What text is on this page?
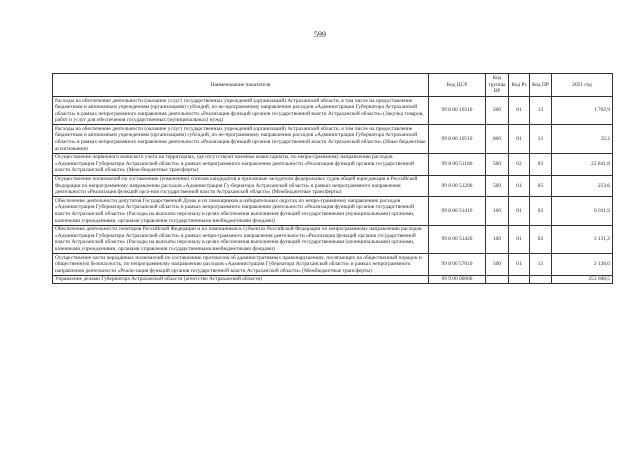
599
Наименование показателя	Код ЦСР	Код группы ВР	Код Рз	Код ПР	2021 год
Расходы на обеспечение деятельности (оказание услуг) государственных учреждений (организаций) Астраханской области, в том числе на предоставление бюджетным и автономным учреждениям (организациям) субсидий, по не-программному направлению расходов «Администрация Губернатора Астраханской области» в рамках непрограммного направления деятельности «Реализация функций органов государственной власти Астраханской области» (Закупка товаров, работ и услуг для обеспечения государственных (муниципальных) нужд)	99 8 00 10510	200	01	13	1 702,9
Расходы на обеспечение деятельности (оказание услуг) государственных учреждений (организаций) Астраханской области, в том числе на предоставление бюджетным и автономным учреждениям (организациям) субсидий, по не-программному направлению расходов «Администрация Губернатора Астраханской области» в рамках непрограммного направления деятельности «Реализация функций органов государственной власти Астраханской области» (Иные бюджетные ассигнования)	99 8 00 10510	800	01	13	32,2
Осуществление первичного воинского учета на территориях, где отсутствуют военные комиссариаты, по непро-граммному направлению расходов «Администрация Губернатора Астраханской области» в рамках непрограммного направления деятельности «Реализация функций органов государственной власти Астраханской области» (Меж-бюджетные трансферты)	99 8 00 51180	500	02	03	22 841,8
Осуществление полномочий по составлению (изменению) списков кандидатов в присяжные заседатели федеральных судов общей юрисдикции в Российской Федерации по непрограммному направлению расходов «Администрация Гу-бернатора Астраханской области» в рамках непрограммного направления деятельности «Реализация функций орга-нов государственной власти Астраханской области» (Межбюджетные трансферты)	99 8 00 51200	500	01	05	253,6
Обеспечение деятельности депутатов Государственной Думы и их помощников в избирательных округах по непро-граммному направлению расходов «Администрация Губернатора Астраханской области» в рамках непрограммного направления деятельности «Реализация функций органов государственной власти Астраханской области» (Расходы на выплаты персоналу в целях обеспечения выполнения функций государственными (муниципальными) органами, казенными учреждениями, органами управления государственными внебюджетными фондами)	99 8 00 51410	100	01	03	6 011,9
Обеспечение деятельности сенаторов Российской Федерации и их помощников в субъектах Российской Федерации по непрограммному направлению расходов «Администрация Губернатора Астраханской области» в рамках непро-граммного направления деятельности «Реализация функций органов государственной власти Астраханской области» (Расходы на выплаты персоналу в целях обеспечения выполнения функций государственными (муниципальными) органами, казенными учреждениями, органами управления государственными внебюджетными фондами)	99 8 00 51420	100	01	03	3 131,2
Осуществление части переданных полномочий по составлению протоколов об административных правонарушениях, посягающих на общественный порядок и общественную безопасность, по непрограммному направлению расходов «Администрация Губернатора Астраханской области» в рамках непрограммного направления деятельности «Реали-зация функций органов государственной власти Астраханской области» (Межбюджетные трансферты)	99 8 00 57010	500	01	13	2 128,0
Управление делами Губернатора Астраханской области (агентство Астраханской области)	99 9 00 00000				253 608,5
